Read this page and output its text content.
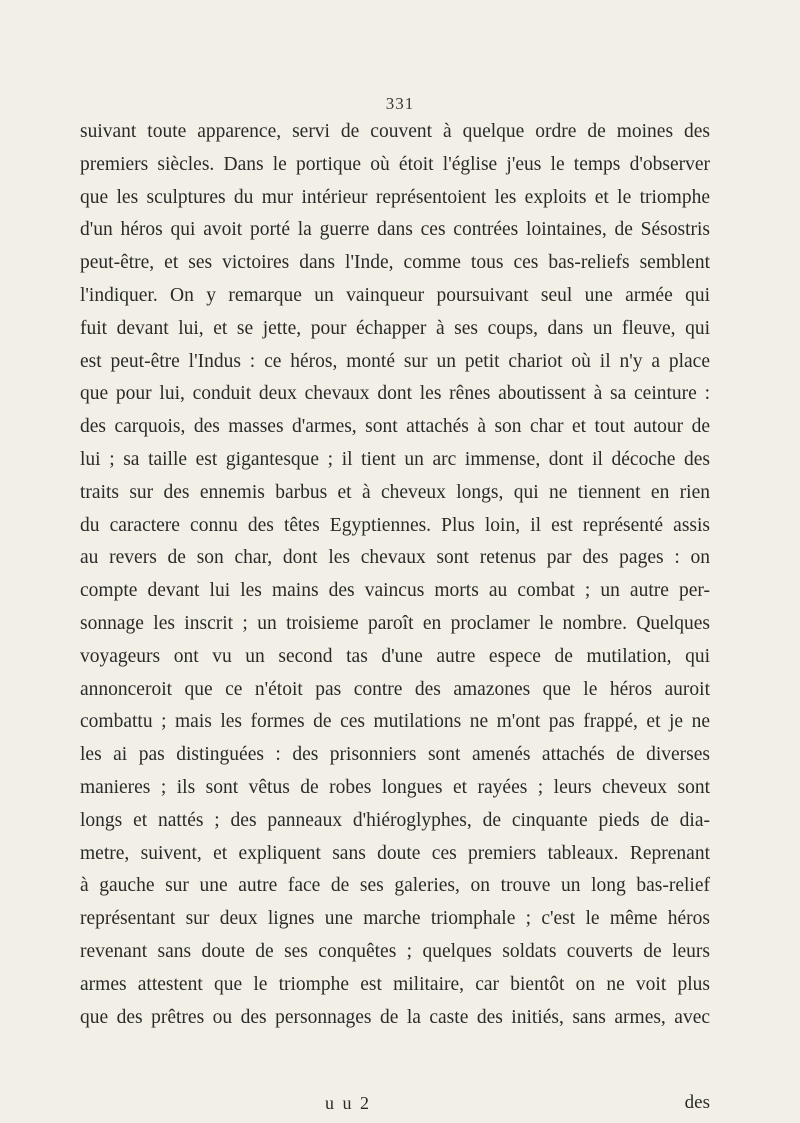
331
suivant toute apparence, servi de couvent à quelque ordre de moines des
premiers siècles. Dans le portique où étoit l'église j'eus le temps d'observer
que les sculptures du mur intérieur représentoient les exploits et le triomphe
d'un héros qui avoit porté la guerre dans ces contrées lointaines, de Sésostris
peut-être, et ses victoires dans l'Inde, comme tous ces bas-reliefs semblent
l'indiquer. On y remarque un vainqueur poursuivant seul une armée qui
fuit devant lui, et se jette, pour échapper à ses coups, dans un fleuve, qui
est peut-être l'Indus : ce héros, monté sur un petit chariot où il n'y a place
que pour lui, conduit deux chevaux dont les rênes aboutissent à sa ceinture :
des carquois, des masses d'armes, sont attachés à son char et tout autour de
lui ; sa taille est gigantesque ; il tient un arc immense, dont il décoche des
traits sur des ennemis barbus et à cheveux longs, qui ne tiennent en rien
du caractere connu des têtes Egyptiennes. Plus loin, il est représenté assis
au revers de son char, dont les chevaux sont retenus par des pages : on
compte devant lui les mains des vaincus morts au combat ; un autre per-
sonnage les inscrit ; un troisieme paroît en proclamer le nombre. Quelques
voyageurs ont vu un second tas d'une autre espece de mutilation, qui
annonceroit que ce n'étoit pas contre des amazones que le héros auroit
combattu ; mais les formes de ces mutilations ne m'ont pas frappé, et je ne
les ai pas distinguées : des prisonniers sont amenés attachés de diverses
manieres ; ils sont vêtus de robes longues et rayées ; leurs cheveux sont
longs et nattés ; des panneaux d'hiéroglyphes, de cinquante pieds de dia-
metre, suivent, et expliquent sans doute ces premiers tableaux. Reprenant
à gauche sur une autre face de ses galeries, on trouve un long bas-relief
représentant sur deux lignes une marche triomphale ; c'est le même héros
revenant sans doute de ses conquêtes ; quelques soldats couverts de leurs
armes attestent que le triomphe est militaire, car bientôt on ne voit plus
que des prêtres ou des personnages de la caste des initiés, sans armes, avec
u u 2	des
